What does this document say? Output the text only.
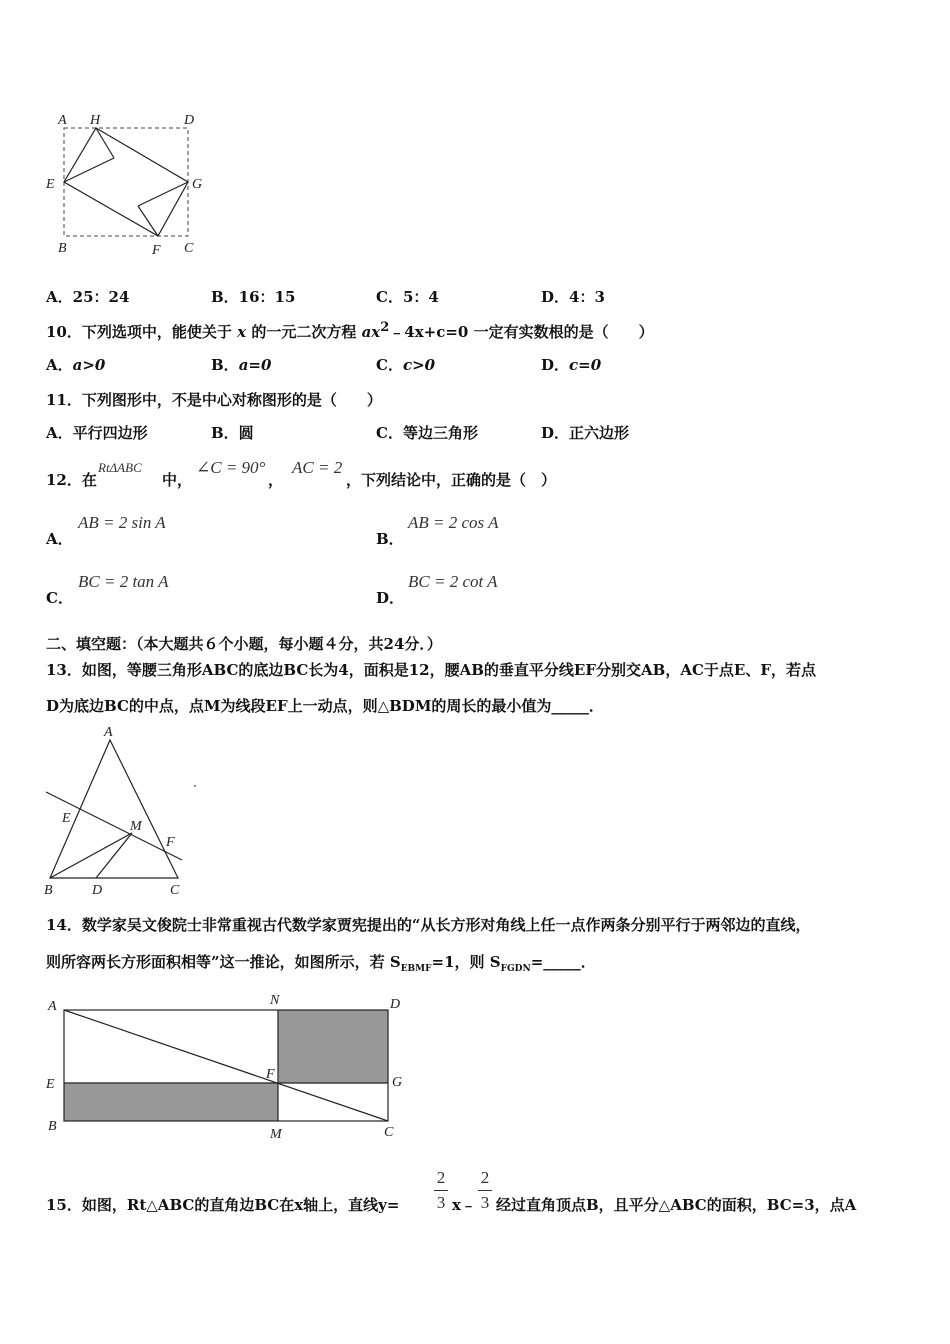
A H	D
E	G
B	F C
A．25：24	B．16：15	C．5：4	D．4：3
10．下列选项中，能使关于 x 的一元二次方程 $ax^2﹣4x+c=0$ 一定有实数根的是（　　）
A．a>0	B．a=0	C．c>0	D．c=0
11．下列图形中，不是中心对称图形的是（　　）
A．平行四边形	B．圆	C．等边三角形	D．正六边形
12．在
RtΔABC
中，
∠C = 90°
，
AC = 2
，下列结论中，正确的是（　）
A．
AB = 2 sin A
B．
AB = 2 cos A
C．
BC = 2 tan A
D．
BC = 2 cot A
二、填空题：（本大题共６个小题，每小题４分，共24分．）
13．如图，等腰三角形ABC的底边BC长为4，面积是12，腰AB的垂直平分线EF分别交AB，AC于点E、F，若点
D为底边BC的中点，点M为线段EF上一动点，则△BDM的周长的最小值为_____．
A
E
M
F
B	D	C
14．数学家吴文俊院士非常重视古代数学家贾宪提出的“从长方形对角线上任一点作两条分别平行于两邻边的直线，
则所容两长方形面积相等”这一推论，如图所示，若 $S_{EBMF}=1$，则 $S_{FGDN}=\_\_\_\_\_$．
A	N	D
E
F
G
B
M	C
15．如图，Rt△ABC的直角边BC在x轴上，直线y=
2
3 x﹣
2
3 经过直角顶点B，且平分△ABC的面积，BC=3，点A
